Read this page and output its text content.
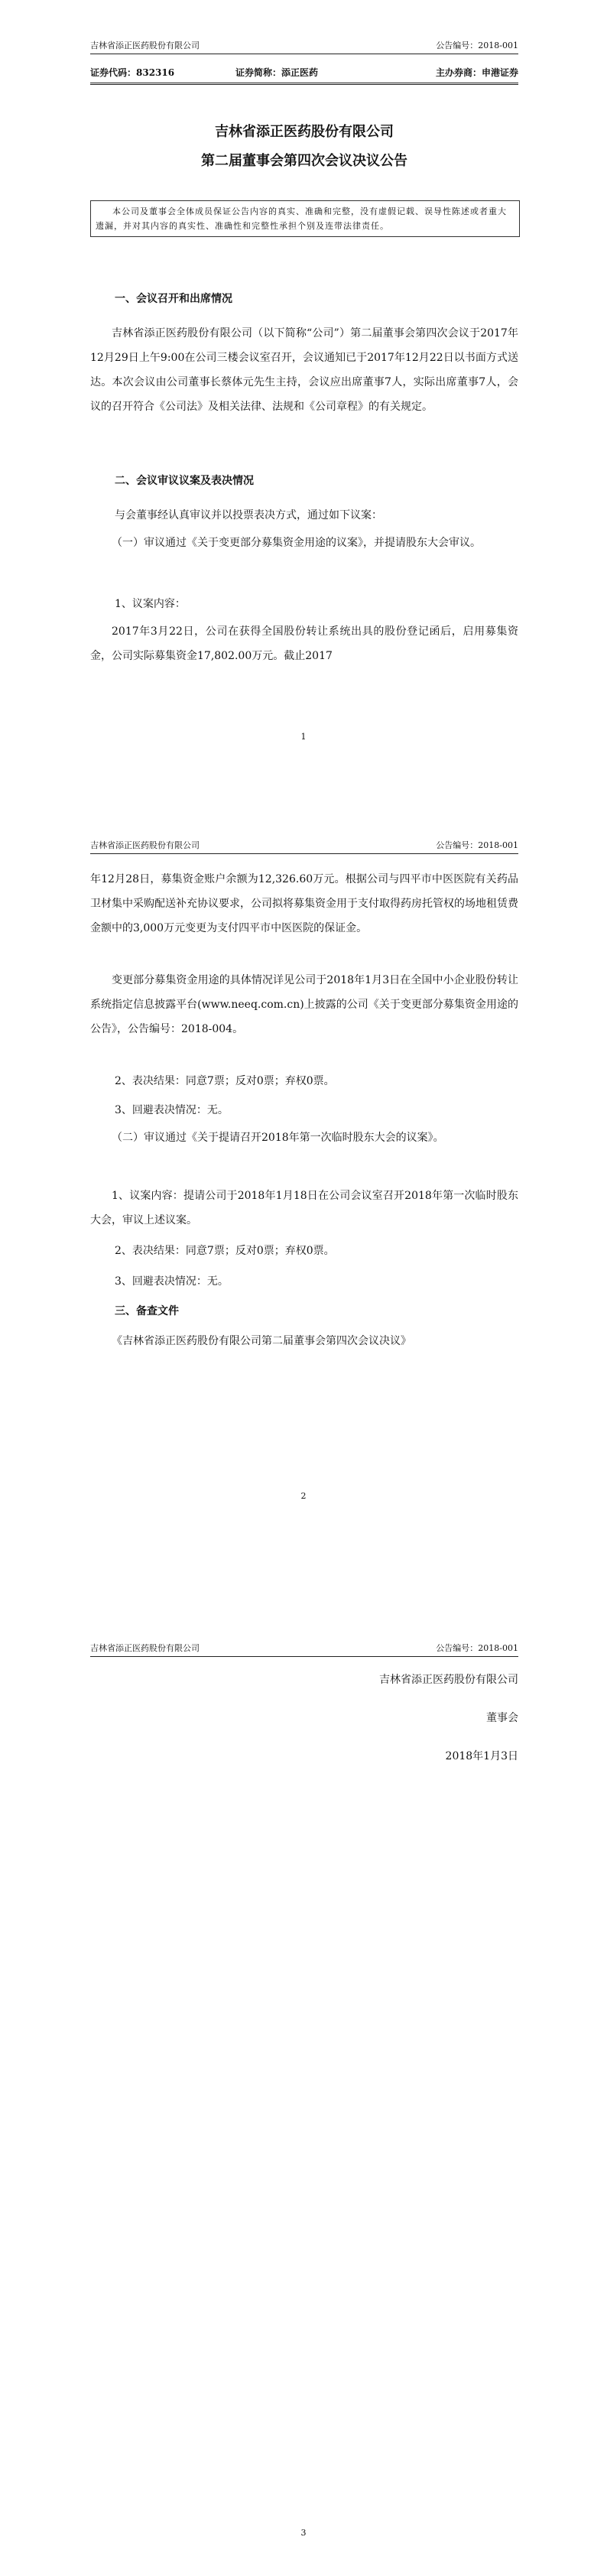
吉林省添正医药股份有限公司	公告编号：2018-001
证券代码：832316	证券简称：添正医药	主办券商：申港证券
吉林省添正医药股份有限公司
第二届董事会第四次会议决议公告
本公司及董事会全体成员保证公告内容的真实、准确和完整，没有虚假记载、误导性陈述或者重大遗漏，并对其内容的真实性、准确性和完整性承担个别及连带法律责任。
一、会议召开和出席情况
吉林省添正医药股份有限公司（以下简称“公司”）第二届董事会第四次会议于2017年12月29日上午9:00在公司三楼会议室召开，会议通知已于2017年12月22日以书面方式送达。本次会议由公司董事长蔡体元先生主持，会议应出席董事7人，实际出席董事7人，会议的召开符合《公司法》及相关法律、法规和《公司章程》的有关规定。
二、会议审议议案及表决情况
与会董事经认真审议并以投票表决方式，通过如下议案：
（一）审议通过《关于变更部分募集资金用途的议案》，并提请股东大会审议。
1、议案内容：
2017年3月22日，公司在获得全国股份转让系统出具的股份登记函后，启用募集资金，公司实际募集资金17,802.00万元。截止2017
1
吉林省添正医药股份有限公司	公告编号：2018-001
年12月28日，募集资金账户余额为12,326.60万元。根据公司与四平市中医医院有关药品卫材集中采购配送补充协议要求，公司拟将募集资金用于支付取得药房托管权的场地租赁费金额中的3,000万元变更为支付四平市中医医院的保证金。
变更部分募集资金用途的具体情况详见公司于2018年1月3日在全国中小企业股份转让系统指定信息披露平台(www.neeq.com.cn)上披露的公司《关于变更部分募集资金用途的公告》，公告编号：2018-004。
2、表决结果：同意7票；反对0票；弃权0票。
3、回避表决情况：无。
（二）审议通过《关于提请召开2018年第一次临时股东大会的议案》。
1、议案内容：提请公司于2018年1月18日在公司会议室召开2018年第一次临时股东大会，审议上述议案。
2、表决结果：同意7票；反对0票；弃权0票。
3、回避表决情况：无。
三、备查文件
《吉林省添正医药股份有限公司第二届董事会第四次会议决议》
2
吉林省添正医药股份有限公司	公告编号：2018-001
吉林省添正医药股份有限公司
董事会
2018年1月3日
3
